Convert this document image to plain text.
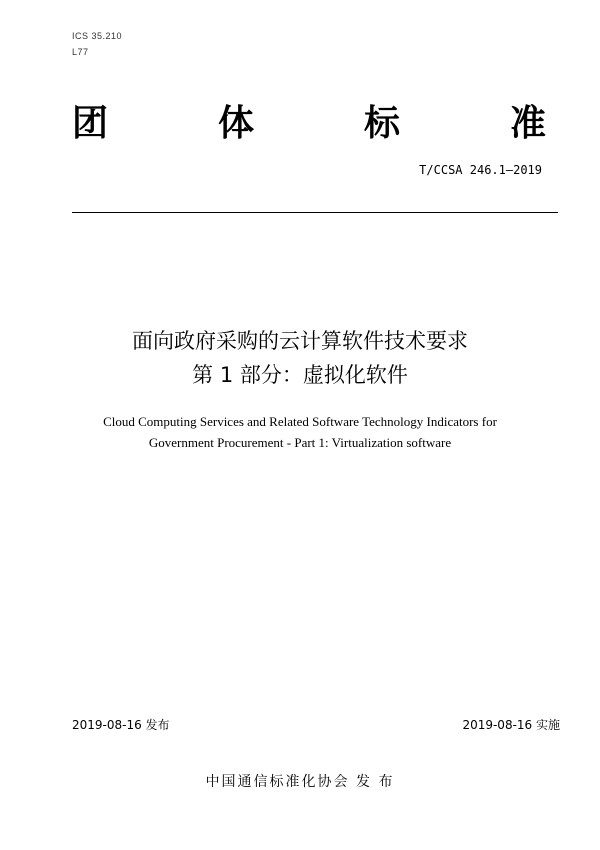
ICS 35.210
L77
团	体	标	准
T/CCSA 246.1—2019
面向政府采购的云计算软件技术要求
第 1 部分：虚拟化软件
Cloud Computing Services and Related Software Technology Indicators for
Government Procurement - Part 1: Virtualization software
2019-08-16 发布	2019-08-16 实施
中国通信标准化协会 发 布
